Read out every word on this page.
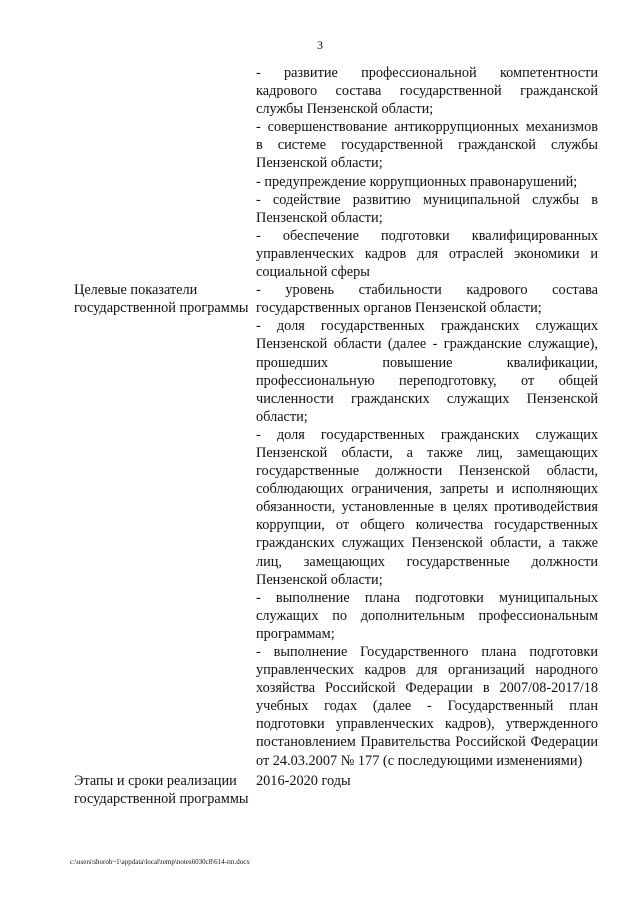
3

- развитие профессиональной компетентности кадрового состава государственной гражданской службы Пензенской области;

- совершенствование антикоррупционных механизмов в системе государственной гражданской службы Пензенской области;

- предупреждение коррупционных правонарушений;

- содействие развитию муниципальной службы в Пензенской области;

- обеспечение подготовки квалифицированных управленческих кадров для отраслей экономики и социальной сферы

Целевые показатели государственной программы

- уровень стабильности кадрового состава государственных органов Пензенской области;

- доля государственных гражданских служащих Пензенской области (далее - гражданские служащие), прошедших повышение квалификации, профессиональную переподготовку, от общей численности гражданских служащих Пензенской области;

- доля государственных гражданских служащих Пензенской области, а также лиц, замещающих государственные должности Пензенской области, соблюдающих ограничения, запреты и исполняющих обязанности, установленные в целях противодействия коррупции, от общего количества государственных гражданских служащих Пензенской области, а также лиц, замещающих государственные должности Пензенской области;

- выполнение плана подготовки муниципальных служащих по дополнительным профессиональным программам;

- выполнение Государственного плана подготовки управленческих кадров для организаций народного хозяйства Российской Федерации в 2007/08-2017/18 учебных годах (далее - Государственный план подготовки управленческих кадров), утвержденного постановлением Правительства Российской Федерации от 24.03.2007 № 177 (с последующими изменениями)

Этапы и сроки реализации государственной программы
2016-2020 годы
c:\users\shoroh~1\appdata\local\temp\notes6030c8\614-пп.docx
